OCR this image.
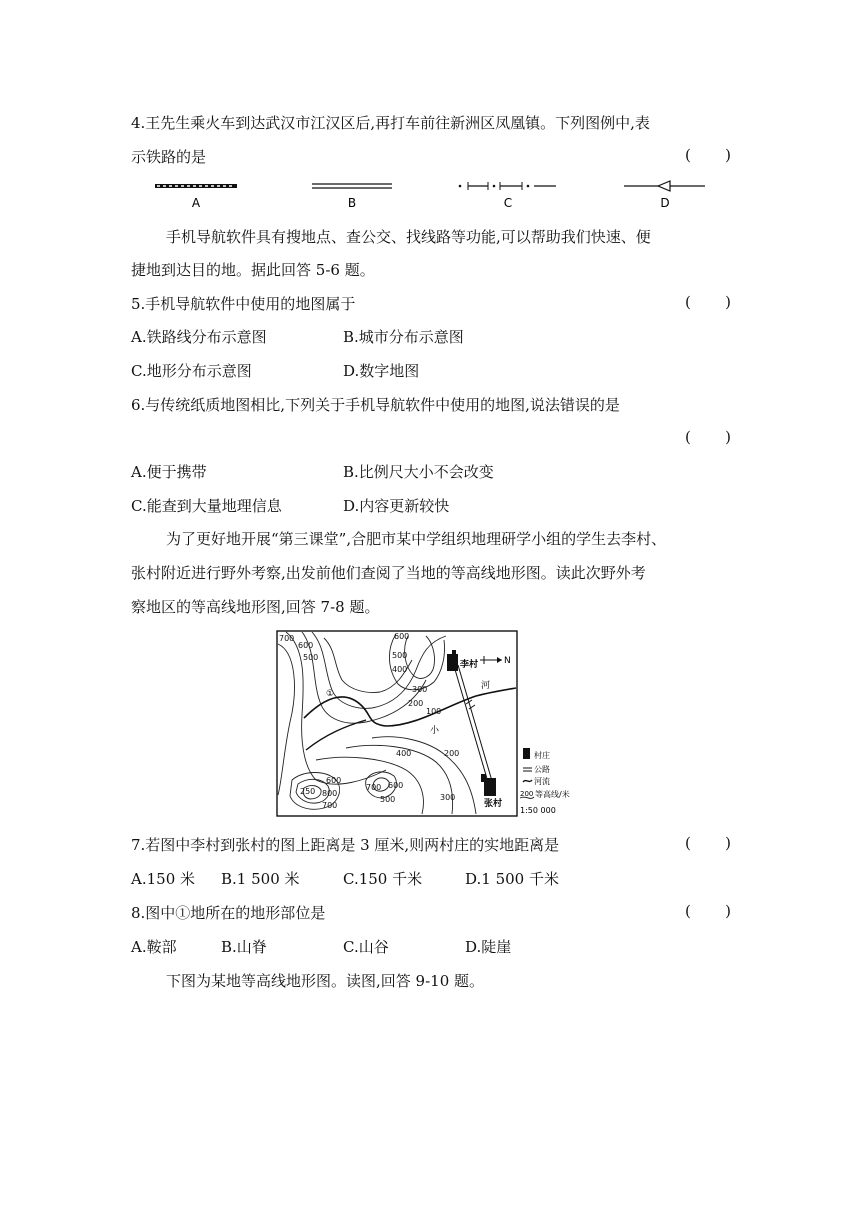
4.王先生乘火车到达武汉市江汉区后,再打车前往新洲区凤凰镇。下列图例中,表
示铁路的是	( )
A	B	C	D
手机导航软件具有搜地点、查公交、找线路等功能,可以帮助我们快速、便
捷地到达目的地。据此回答 5-6 题。
5.手机导航软件中使用的地图属于	( )
A.铁路线分布示意图	B.城市分布示意图
C.地形分布示意图	D.数字地图
6.与传统纸质地图相比,下列关于手机导航软件中使用的地图,说法错误的是
( )
A.便于携带	B.比例尺大小不会改变
C.能查到大量地理信息	D.内容更新较快
为了更好地开展“第三课堂”,合肥市某中学组织地理研学小组的学生去李村、
张村附近进行野外考察,出发前他们查阅了当地的等高线地形图。读此次野外考
察地区的等高线地形图,回答 7-8 题。
李村
张村
N
河
小
①
700
600
500
600
500
400
300
200
100
400	200
300
600
800
700
700 600
500
250
村庄
公路
河流
200 等高线/米
1:50 000
7.若图中李村到张村的图上距离是 3 厘米,则两村庄的实地距离是	( )
A.150 米 B.1 500 米	C.150 千米	D.1 500 千米
8.图中①地所在的地形部位是	( )
A.鞍部	B.山脊	C.山谷	D.陡崖
下图为某地等高线地形图。读图,回答 9-10 题。
